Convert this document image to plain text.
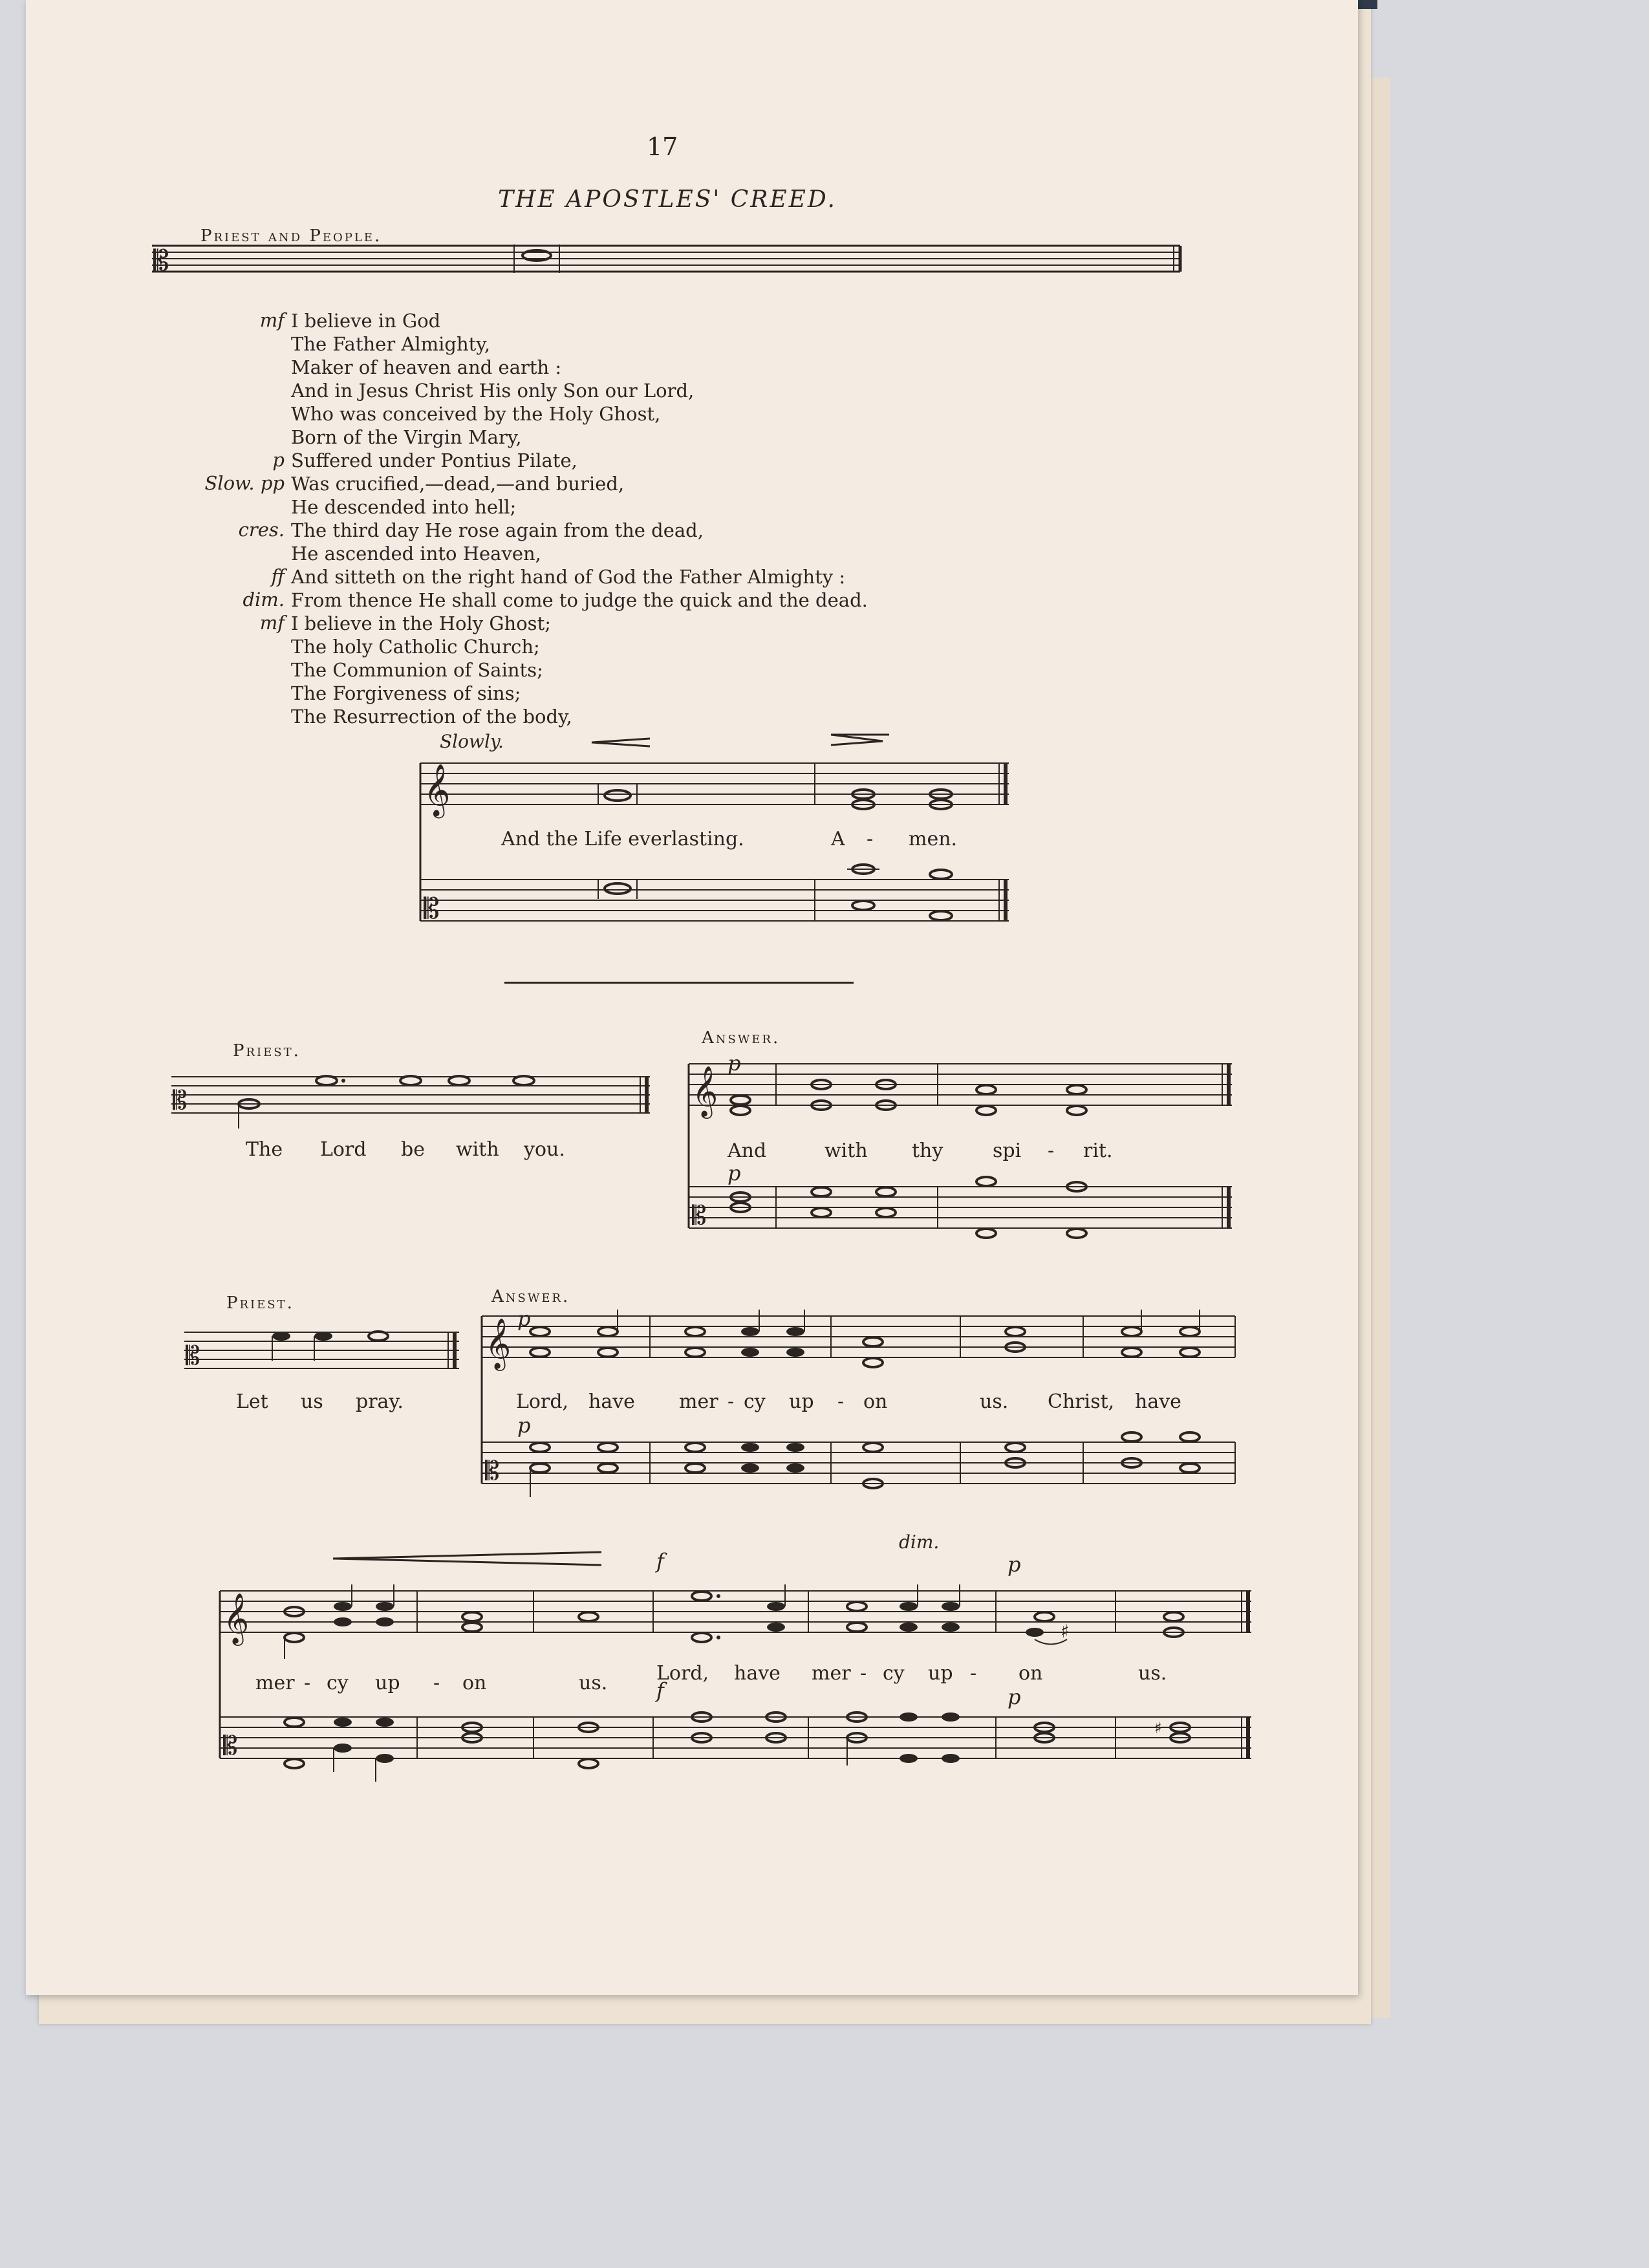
17
THE APOSTLES' CREED.
Priest and People.
𝄡
mf I believe in God
The Father Almighty,
Maker of heaven and earth :
And in Jesus Christ His only Son our Lord,
Who was conceived by the Holy Ghost,
Born of the Virgin Mary,
p Suffered under Pontius Pilate,
Slow. pp Was crucified,—dead,—and buried,
He descended into hell;
cres. The third day He rose again from the dead,
He ascended into Heaven,
ff And sitteth on the right hand of God the Father Almighty :
dim. From thence He shall come to judge the quick and the dead.
mf I believe in the Holy Ghost;
The holy Catholic Church;
The Communion of Saints;
The Forgiveness of sins;
The Resurrection of the body,
Slowly.
𝄞
𝄡
And the Life everlasting.	A - men.
Priest.
𝄡
The Lord be with you.
Answer.
p
p
𝄞
𝄡
And	with thy	spi - rit.
Priest.
𝄡
Let us pray.
Answer.
p
p
𝄞
𝄡
Lord, have mer - cy up - on	us. Christ, have
f
f
dim.
p
p
𝄞	♯
𝄡
♯
mer - cy up - on	us.	Lord, have mer - cy up - on	us.
